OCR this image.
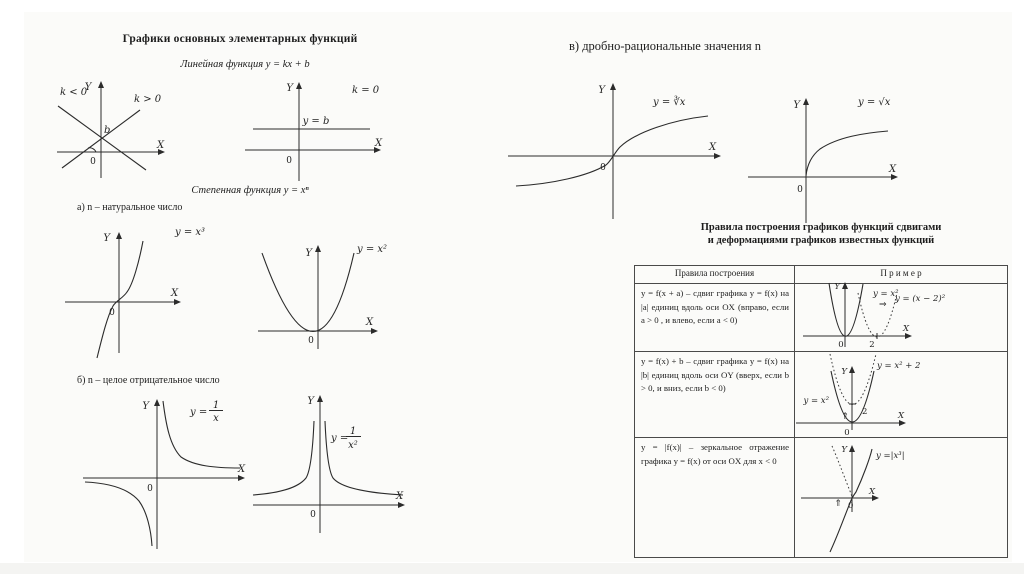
Графики основных элементарных функций
Линейная функция y = kx + b
Степенная функция y = xⁿ
а) n – натуральное число
б) n – целое отрицательное число
в) дробно-рациональные значения n
Правила построения графиков функций сдвигами
и деформациями графиков известных функций
Правила построения	П р и м е р
y = f(x + a) – сдвиг графика y = f(x) на |a| единиц вдоль оси OX (вправо, если a > 0 , и влево, если a < 0)
y = f(x) + b – сдвиг графика y = f(x) на |b| единиц вдоль оси OY (вверх, если b > 0, и вниз, если b < 0)
y = |f(x)| – зеркальное отражение графика y = f(x) от оси OX для x < 0
Y
X
0
k < 0
k > 0
b
Y
X
0
k = 0
y = b
Y
X
0
y = x³
Y
X
0
y = x²
Y
X
0
y =
1
x
Y
X
0
y =
1
x²
Y
X
0
y = ∛x	Y
X
0
y = √x
Y
X
0	2
y = x²
⇒
y = (x − 2)²
⇑
Y
X
0
2
y = x²
y = x² + 2
⇑
Y
X
0
y =|x³|
